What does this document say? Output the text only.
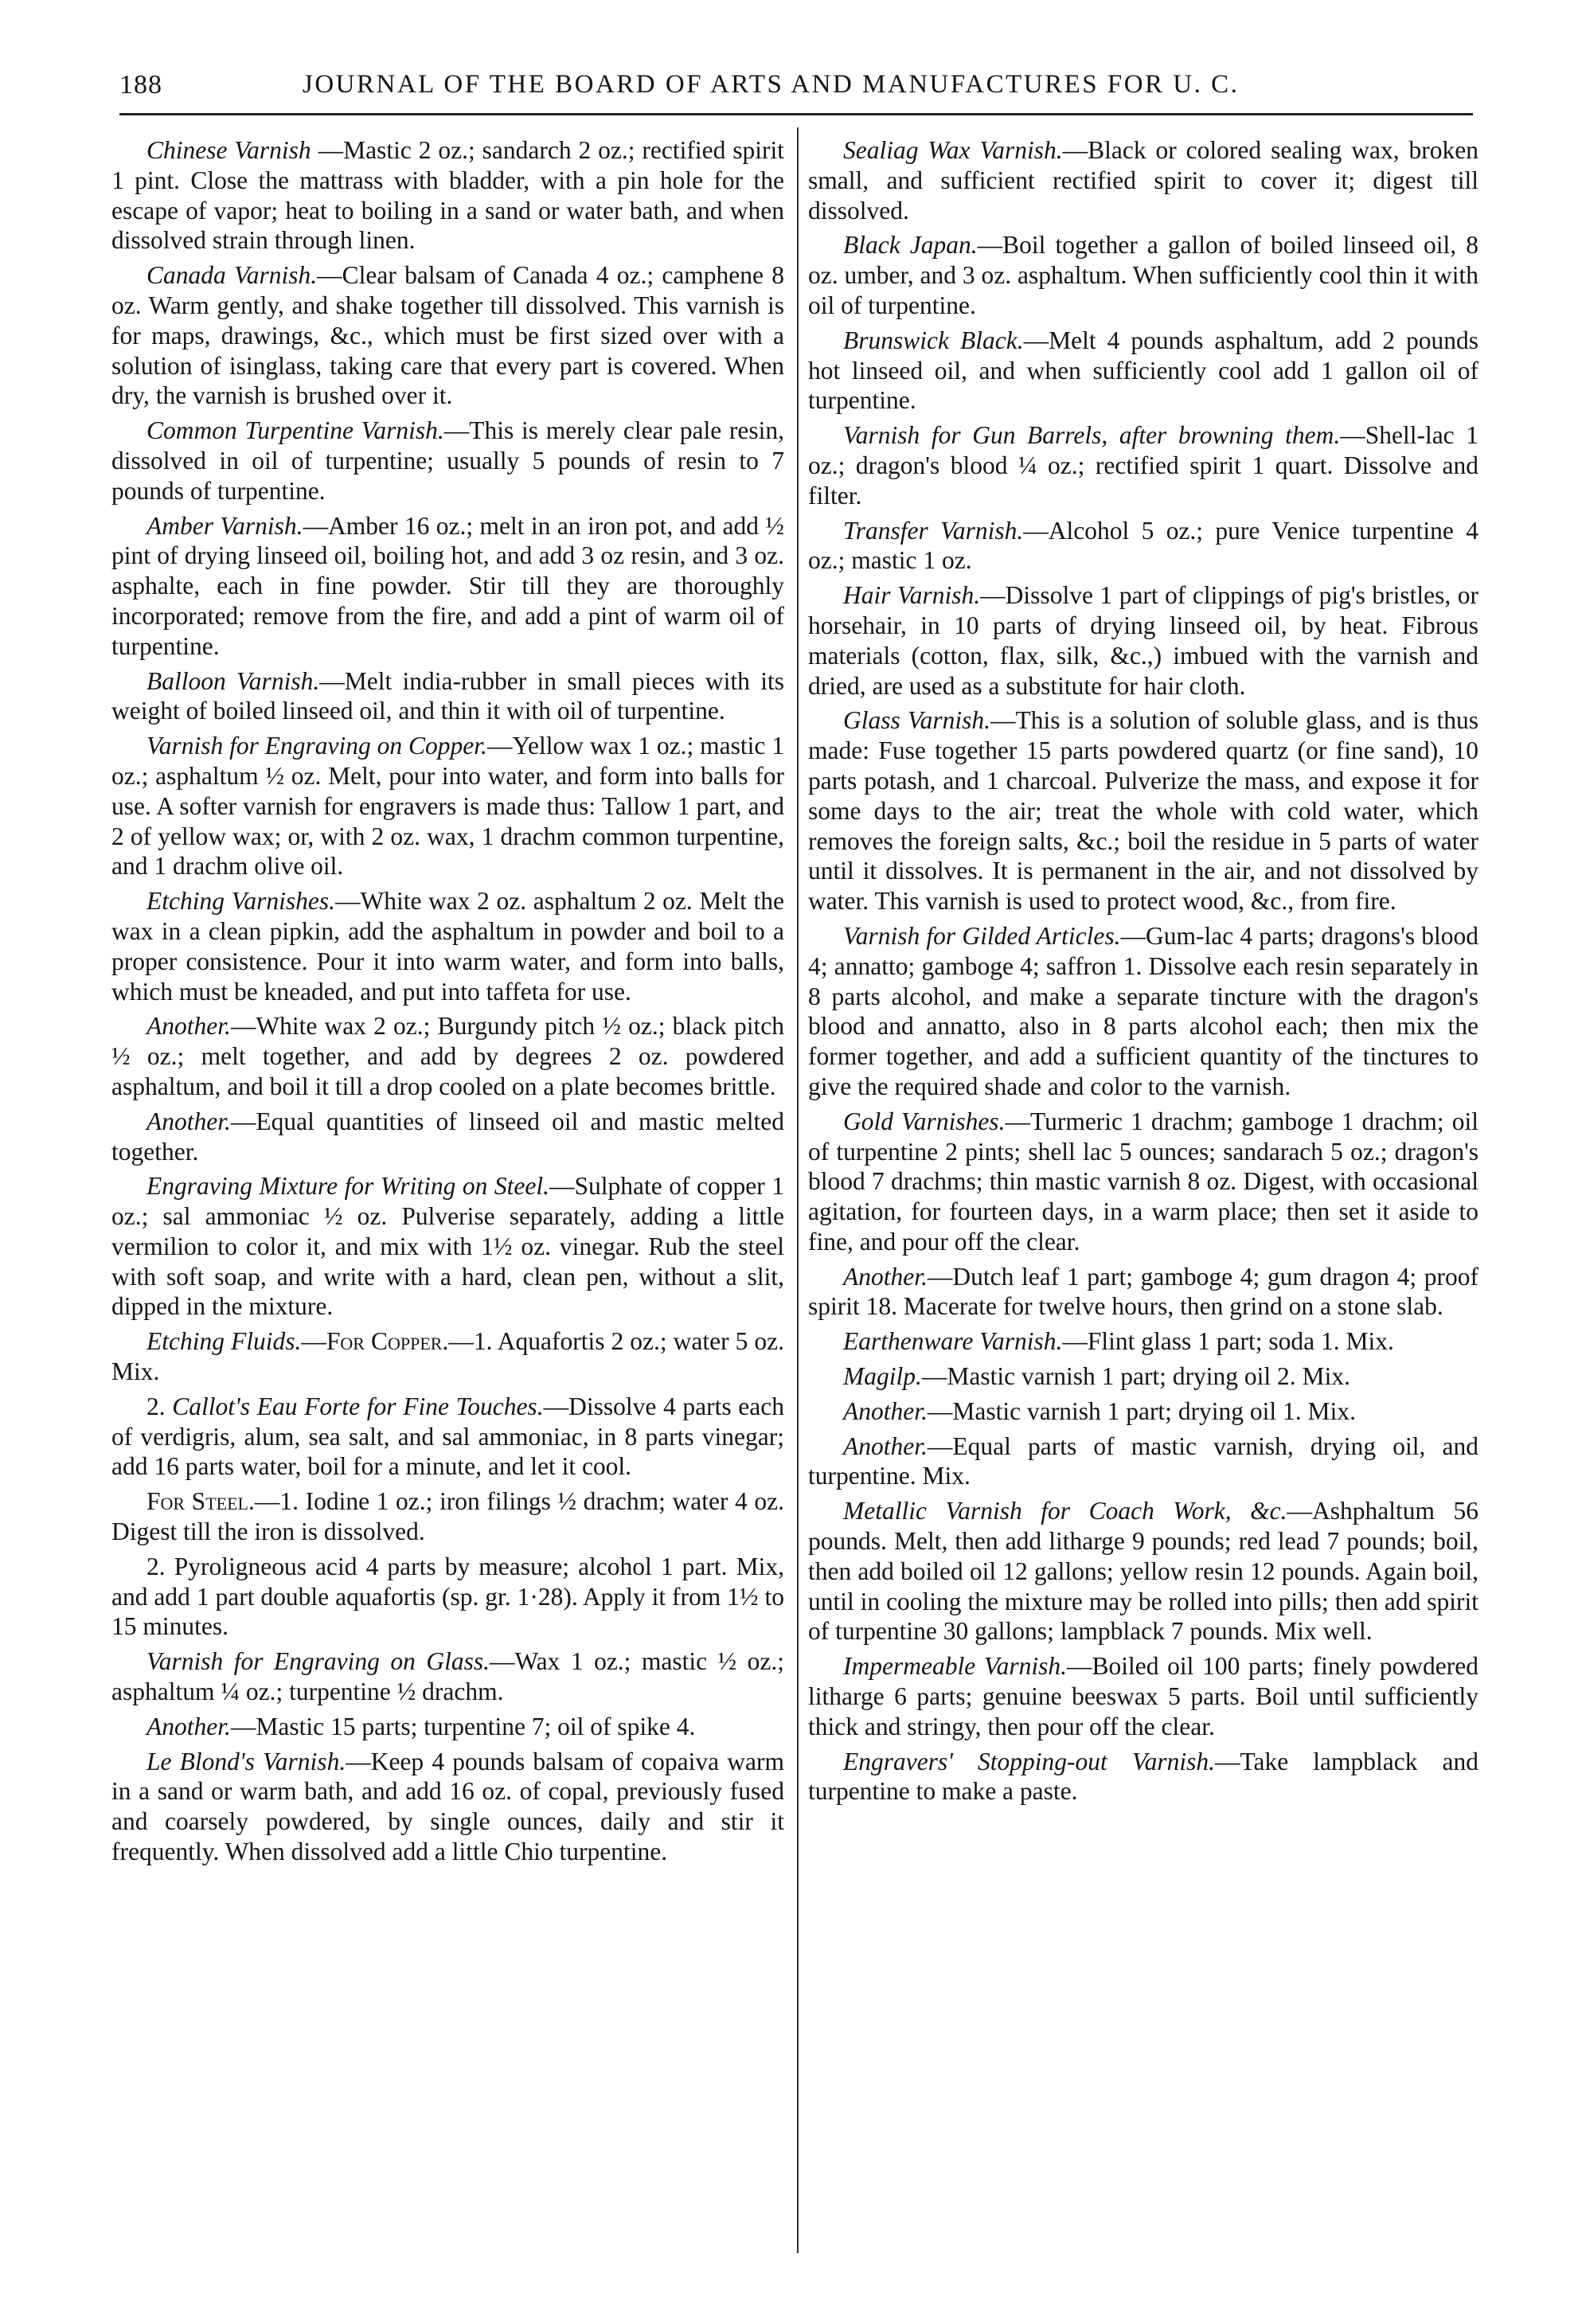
188	JOURNAL OF THE BOARD OF ARTS AND MANUFACTURES FOR U. C.

Chinese Varnish —Mastic 2 oz.; sandarch 2 oz.; rectified spirit 1 pint. Close the mattrass with bladder, with a pin hole for the escape of vapor; heat to boiling in a sand or water bath, and when dissolved strain through linen.

Canada Varnish.—Clear balsam of Canada 4 oz.; camphene 8 oz. Warm gently, and shake together till dissolved. This varnish is for maps, drawings, &c., which must be first sized over with a solution of isinglass, taking care that every part is covered. When dry, the varnish is brushed over it.

Common Turpentine Varnish.—This is merely clear pale resin, dissolved in oil of turpentine; usually 5 pounds of resin to 7 pounds of turpentine.

Amber Varnish.—Amber 16 oz.; melt in an iron pot, and add ½ pint of drying linseed oil, boiling hot, and add 3 oz resin, and 3 oz. asphalte, each in fine powder. Stir till they are thoroughly incorporated; remove from the fire, and add a pint of warm oil of turpentine.

Balloon Varnish.—Melt india-rubber in small pieces with its weight of boiled linseed oil, and thin it with oil of turpentine.

Varnish for Engraving on Copper.—Yellow wax 1 oz.; mastic 1 oz.; asphaltum ½ oz. Melt, pour into water, and form into balls for use. A softer varnish for engravers is made thus: Tallow 1 part, and 2 of yellow wax; or, with 2 oz. wax, 1 drachm common turpentine, and 1 drachm olive oil.

Etching Varnishes.—White wax 2 oz. asphaltum 2 oz. Melt the wax in a clean pipkin, add the asphaltum in powder and boil to a proper consistence. Pour it into warm water, and form into balls, which must be kneaded, and put into taffeta for use.

Another.—White wax 2 oz.; Burgundy pitch ½ oz.; black pitch ½ oz.; melt together, and add by degrees 2 oz. powdered asphaltum, and boil it till a drop cooled on a plate becomes brittle.

Another.—Equal quantities of linseed oil and mastic melted together.

Engraving Mixture for Writing on Steel.—Sulphate of copper 1 oz.; sal ammoniac ½ oz. Pulverise separately, adding a little vermilion to color it, and mix with 1½ oz. vinegar. Rub the steel with soft soap, and write with a hard, clean pen, without a slit, dipped in the mixture.

Etching Fluids.—For Copper.—1. Aquafortis 2 oz.; water 5 oz. Mix.

2. Callot's Eau Forte for Fine Touches.—Dissolve 4 parts each of verdigris, alum, sea salt, and sal ammoniac, in 8 parts vinegar; add 16 parts water, boil for a minute, and let it cool.

For Steel.—1. Iodine 1 oz.; iron filings ½ drachm; water 4 oz. Digest till the iron is dissolved.

2. Pyroligneous acid 4 parts by measure; alcohol 1 part. Mix, and add 1 part double aquafortis (sp. gr. 1·28). Apply it from 1½ to 15 minutes.

Varnish for Engraving on Glass.—Wax 1 oz.; mastic ½ oz.; asphaltum ¼ oz.; turpentine ½ drachm.

Another.—Mastic 15 parts; turpentine 7; oil of spike 4.

Le Blond's Varnish.—Keep 4 pounds balsam of copaiva warm in a sand or warm bath, and add 16 oz. of copal, previously fused and coarsely powdered, by single ounces, daily and stir it frequently. When dissolved add a little Chio turpentine.

Sealiag Wax Varnish.—Black or colored sealing wax, broken small, and sufficient rectified spirit to cover it; digest till dissolved.

Black Japan.—Boil together a gallon of boiled linseed oil, 8 oz. umber, and 3 oz. asphaltum. When sufficiently cool thin it with oil of turpentine.

Brunswick Black.—Melt 4 pounds asphaltum, add 2 pounds hot linseed oil, and when sufficiently cool add 1 gallon oil of turpentine.

Varnish for Gun Barrels, after browning them.—Shell-lac 1 oz.; dragon's blood ¼ oz.; rectified spirit 1 quart. Dissolve and filter.

Transfer Varnish.—Alcohol 5 oz.; pure Venice turpentine 4 oz.; mastic 1 oz.

Hair Varnish.—Dissolve 1 part of clippings of pig's bristles, or horsehair, in 10 parts of drying linseed oil, by heat. Fibrous materials (cotton, flax, silk, &c.,) imbued with the varnish and dried, are used as a substitute for hair cloth.

Glass Varnish.—This is a solution of soluble glass, and is thus made: Fuse together 15 parts powdered quartz (or fine sand), 10 parts potash, and 1 charcoal. Pulverize the mass, and expose it for some days to the air; treat the whole with cold water, which removes the foreign salts, &c.; boil the residue in 5 parts of water until it dissolves. It is permanent in the air, and not dissolved by water. This varnish is used to protect wood, &c., from fire.

Varnish for Gilded Articles.—Gum-lac 4 parts; dragons's blood 4; annatto; gamboge 4; saffron 1. Dissolve each resin separately in 8 parts alcohol, and make a separate tincture with the dragon's blood and annatto, also in 8 parts alcohol each; then mix the former together, and add a sufficient quantity of the tinctures to give the required shade and color to the varnish.

Gold Varnishes.—Turmeric 1 drachm; gamboge 1 drachm; oil of turpentine 2 pints; shell lac 5 ounces; sandarach 5 oz.; dragon's blood 7 drachms; thin mastic varnish 8 oz. Digest, with occasional agitation, for fourteen days, in a warm place; then set it aside to fine, and pour off the clear.

Another.—Dutch leaf 1 part; gamboge 4; gum dragon 4; proof spirit 18. Macerate for twelve hours, then grind on a stone slab.

Earthenware Varnish.—Flint glass 1 part; soda 1. Mix.

Magilp.—Mastic varnish 1 part; drying oil 2. Mix.

Another.—Mastic varnish 1 part; drying oil 1. Mix.

Another.—Equal parts of mastic varnish, drying oil, and turpentine. Mix.

Metallic Varnish for Coach Work, &c.—Ashphaltum 56 pounds. Melt, then add litharge 9 pounds; red lead 7 pounds; boil, then add boiled oil 12 gallons; yellow resin 12 pounds. Again boil, until in cooling the mixture may be rolled into pills; then add spirit of turpentine 30 gallons; lampblack 7 pounds. Mix well.

Impermeable Varnish.—Boiled oil 100 parts; finely powdered litharge 6 parts; genuine beeswax 5 parts. Boil until sufficiently thick and stringy, then pour off the clear.

Engravers' Stopping-out Varnish.—Take lampblack and turpentine to make a paste.
